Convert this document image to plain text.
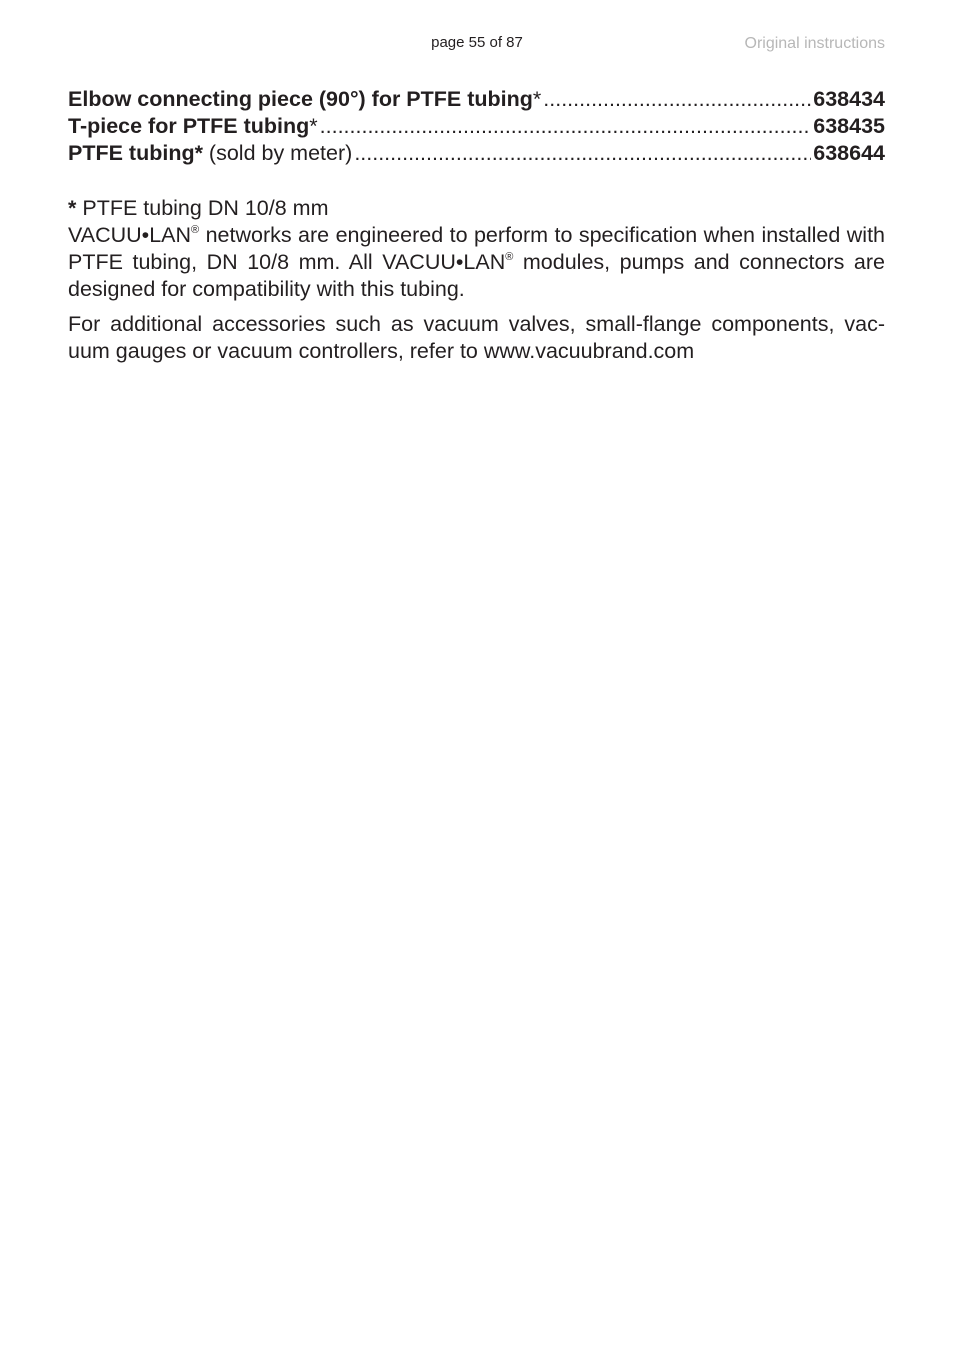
page 55 of 87	Original instructions
Elbow connecting piece (90°) for PTFE tubing* .....	638434
T-piece for PTFE tubing* .....	638435
PTFE tubing* (sold by meter) .....	638644
* PTFE tubing DN 10/8 mm
VACUU•LAN® networks are engineered to perform to specification when installed with PTFE tubing, DN 10/8 mm. All VACUU•LAN® modules, pumps and connectors are designed for compatibility with this tubing.
For additional accessories such as vacuum valves, small-flange components, vac-uum gauges or vacuum controllers, refer to www.vacuubrand.com
